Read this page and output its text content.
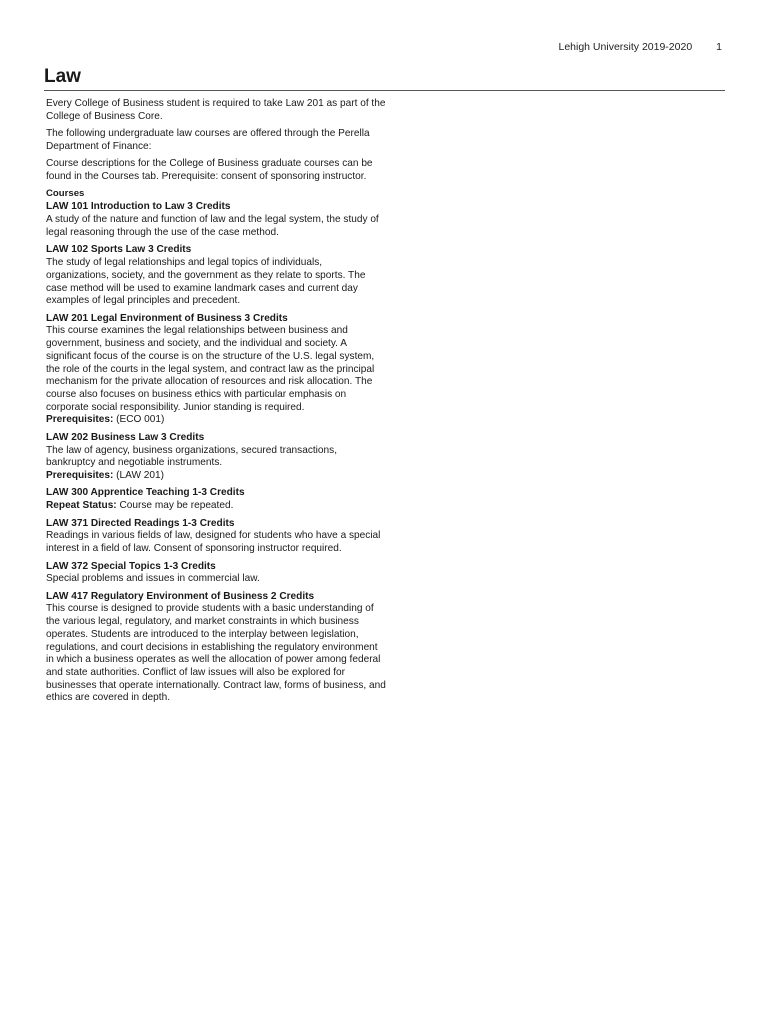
Lehigh University 2019-2020 1
Law

Every College of Business student is required to take Law 201 as part of the College of Business Core.

The following undergraduate law courses are offered through the Perella Department of Finance:

Course descriptions for the College of Business graduate courses can be found in the Courses tab. Prerequisite: consent of sponsoring instructor.

Courses
LAW 101 Introduction to Law 3 Credits
A study of the nature and function of law and the legal system, the study of legal reasoning through the use of the case method.
LAW 102 Sports Law 3 Credits
The study of legal relationships and legal topics of individuals, organizations, society, and the government as they relate to sports. The case method will be used to examine landmark cases and current day examples of legal principles and precedent.
LAW 201 Legal Environment of Business 3 Credits
This course examines the legal relationships between business and government, business and society, and the individual and society. A significant focus of the course is on the structure of the U.S. legal system, the role of the courts in the legal system, and contract law as the principal mechanism for the private allocation of resources and risk allocation. The course also focuses on business ethics with particular emphasis on corporate social responsibility. Junior standing is required.
Prerequisites: (ECO 001)
LAW 202 Business Law 3 Credits
The law of agency, business organizations, secured transactions, bankruptcy and negotiable instruments.
Prerequisites: (LAW 201)
LAW 300 Apprentice Teaching 1-3 Credits
Repeat Status: Course may be repeated.
LAW 371 Directed Readings 1-3 Credits
Readings in various fields of law, designed for students who have a special interest in a field of law. Consent of sponsoring instructor required.
LAW 372 Special Topics 1-3 Credits
Special problems and issues in commercial law.
LAW 417 Regulatory Environment of Business 2 Credits
This course is designed to provide students with a basic understanding of the various legal, regulatory, and market constraints in which business operates. Students are introduced to the interplay between legislation, regulations, and court decisions in establishing the regulatory environment in which a business operates as well the allocation of power among federal and state authorities. Conflict of law issues will also be explored for businesses that operate internationally. Contract law, forms of business, and ethics are covered in depth.
